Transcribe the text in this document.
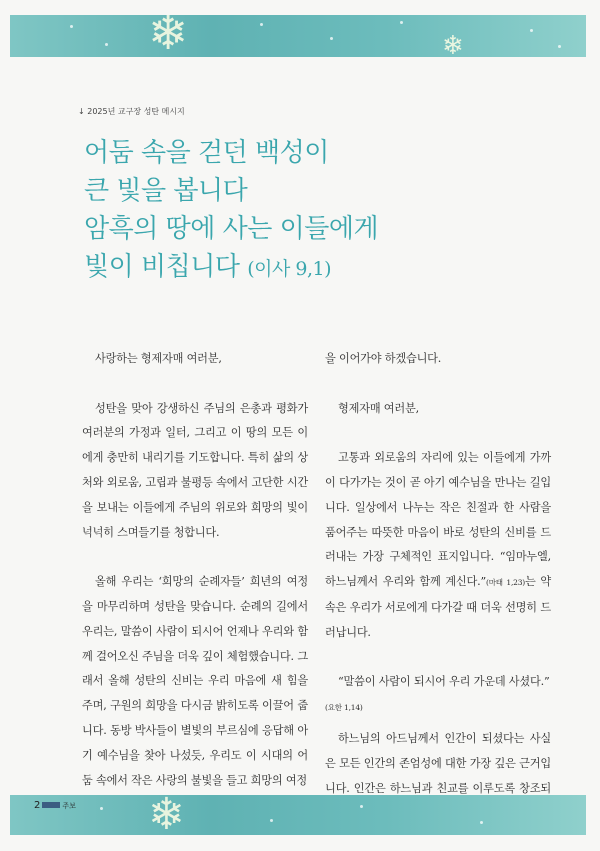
❄	❄
↓ 2025년 교구장 성탄 메시지
어둠 속을 걷던 백성이
큰 빛을 봅니다
암흑의 땅에 사는 이들에게
빛이 비칩니다 (이사 9,1)

사랑하는 형제자매 여러분,

성탄을 맞아 강생하신 주님의 은총과 평화가 여러분의 가정과 일터, 그리고 이 땅의 모든 이에게 충만히 내리기를 기도합니다. 특히 삶의 상처와 외로움, 고립과 불평등 속에서 고단한 시간을 보내는 이들에게 주님의 위로와 희망의 빛이 넉넉히 스며들기를 청합니다.

올해 우리는 ‘희망의 순례자들’ 희년의 여정을 마무리하며 성탄을 맞습니다. 순례의 길에서 우리는, 말씀이 사람이 되시어 언제나 우리와 함께 걸어오신 주님을 더욱 깊이 체험했습니다. 그래서 올해 성탄의 신비는 우리 마음에 새 힘을 주며, 구원의 희망을 다시금 밝히도록 이끌어 줍니다. 동방 박사들이 별빛의 부르심에 응답해 아기 예수님을 찾아 나섰듯, 우리도 이 시대의 어둠 속에서 작은 사랑의 불빛을 들고 희망의 여정

을 이어가야 하겠습니다.

형제자매 여러분,

고통과 외로움의 자리에 있는 이들에게 가까이 다가가는 것이 곧 아기 예수님을 만나는 길입니다. 일상에서 나누는 작은 친절과 한 사람을 품어주는 따뜻한 마음이 바로 성탄의 신비를 드러내는 가장 구체적인 표지입니다. “임마누엘, 하느님께서 우리와 함께 계신다.”(마태 1,23)는 약속은 우리가 서로에게 다가갈 때 더욱 선명히 드러납니다.

“말씀이 사람이 되시어 우리 가운데 사셨다.”
(요한 1,14)

하느님의 아드님께서 인간이 되셨다는 사실은 모든 인간의 존엄성에 대한 가장 깊은 근거입니다. 인간은 하느님과 친교를 이루도록 창조되

❄
2	주보
